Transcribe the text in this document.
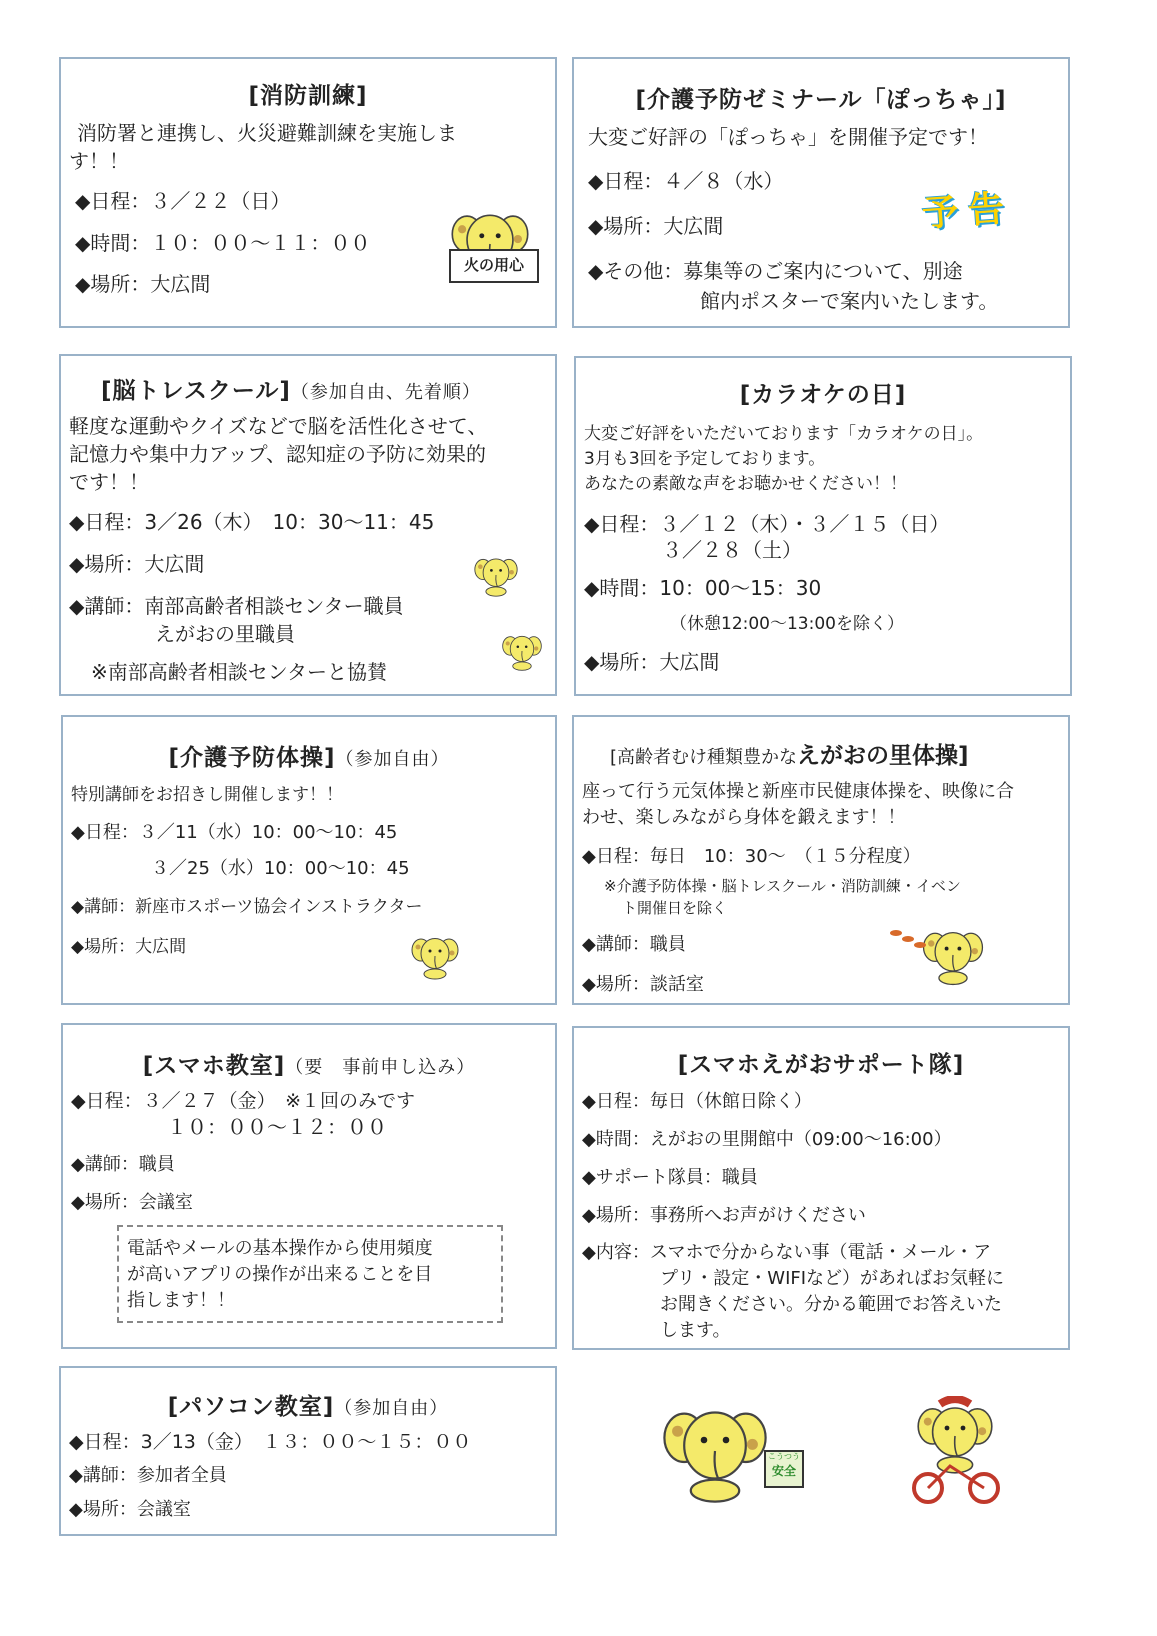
[消防訓練]
消防署と連携し、火災避難訓練を実施しま
す！！
◆日程：３／２２（日）
◆時間：１０：００～１１：００
◆場所：大広間
火の用心
[介護予防ゼミナール「ぽっちゃ」]
大変ご好評の「ぽっちゃ」を開催予定です！
◆日程：４／８（水）
◆場所：大広間
◆その他：募集等のご案内について、別途
館内ポスターで案内いたします。
予告
[脳トレスクール]（参加自由、先着順）
軽度な運動やクイズなどで脳を活性化させて、
記憶力や集中力アップ、認知症の予防に効果的
です！！
◆日程：3／26（木）　10：30～11：45
◆場所：大広間
◆講師：南部高齢者相談センター職員
えがおの里職員
※南部高齢者相談センターと協賛
[カラオケの日]
大変ご好評をいただいております「カラオケの日」。
3月も3回を予定しております。
あなたの素敵な声をお聴かせください！！
◆日程：３／１２（木）・３／１５（日）
３／２８（土）
◆時間：10：00～15：30
（休憩12:00～13:00を除く）
◆場所：大広間
[介護予防体操]（参加自由）
特別講師をお招きし開催します！！
◆日程：３／11（水）10：00～10：45
３／25（水）10：00～10：45
◆講師：新座市スポーツ協会インストラクター
◆場所：大広間
[高齢者むけ種類豊かなえがおの里体操]
座って行う元気体操と新座市民健康体操を、映像に合
わせ、楽しみながら身体を鍛えます！！
◆日程：毎日　10：30～　（１５分程度）
※介護予防体操・脳トレスクール・消防訓練・イベン
ト開催日を除く
◆講師：職員
◆場所：談話室
[スマホ教室]（要　事前申し込み）
◆日程：３／２７（金）　※１回のみです
１０：００～１２：００
◆講師：職員
◆場所：会議室
電話やメールの基本操作から使用頻度
が高いアプリの操作が出来ることを目
指します！！
[スマホえがおサポート隊]
◆日程：毎日（休館日除く）
◆時間：えがおの里開館中（09:00～16:00）
◆サポート隊員：職員
◆場所：事務所へお声がけください
◆内容：スマホで分からない事（電話・メール・ア
プリ・設定・WIFIなど）があればお気軽に
お聞きください。分かる範囲でお答えいた
します。
[パソコン教室]（参加自由）
◆日程：3／13（金）　１３：００～１５：００
◆講師：参加者全員
◆場所：会議室
こうつう
安全
